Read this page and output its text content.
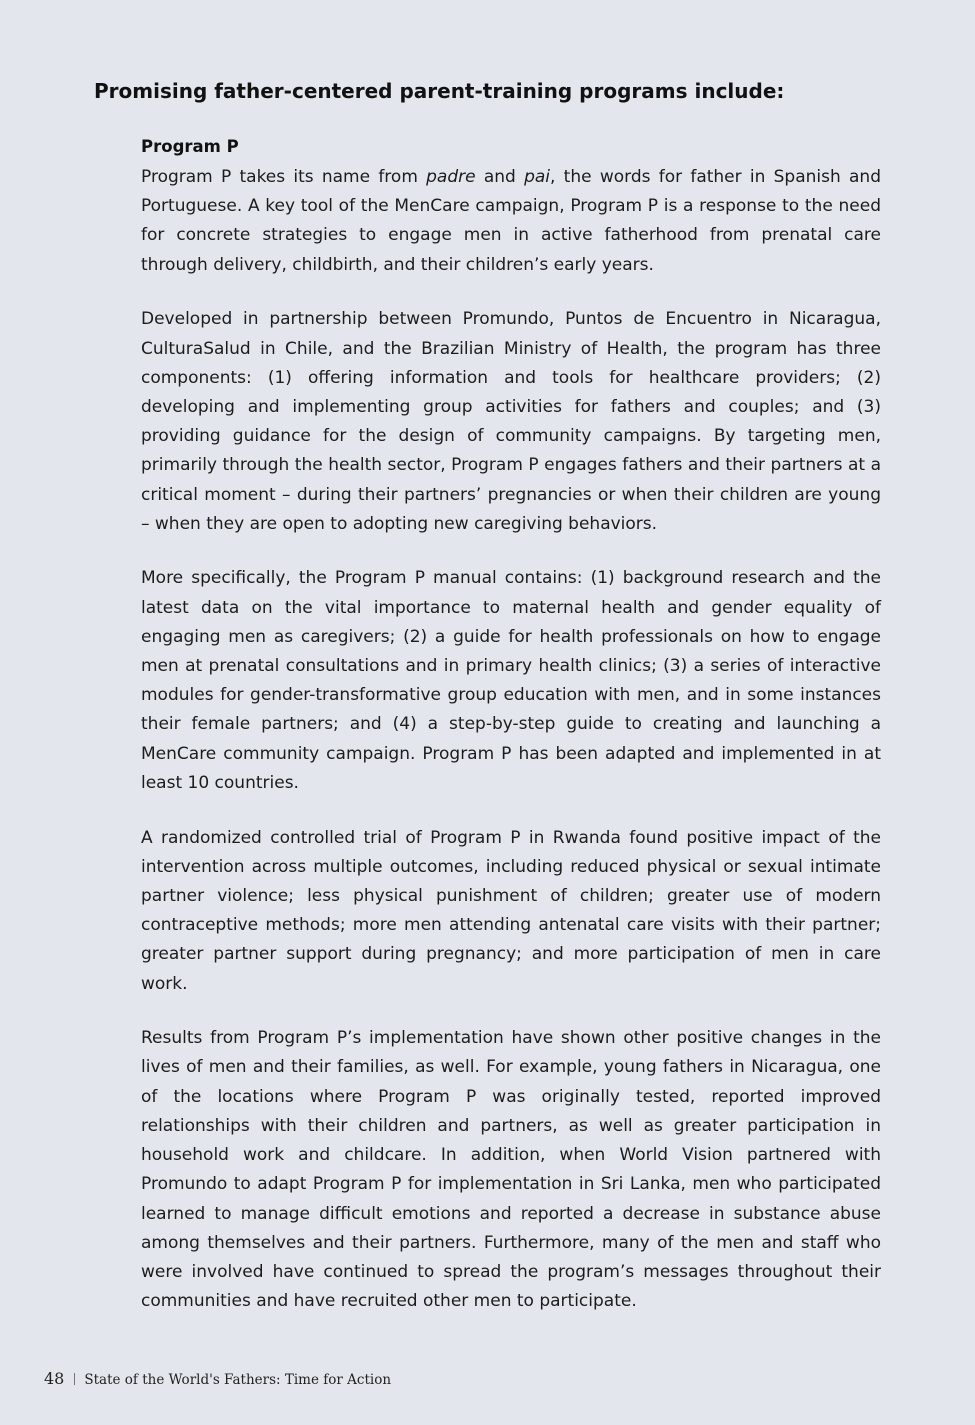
Promising father-centered parent-training programs include:
Program P

Program P takes its name from padre and pai, the words for father in Spanish and Portuguese. A key tool of the MenCare campaign, Program P is a response to the need for concrete strategies to engage men in active fatherhood from prenatal care through delivery, childbirth, and their children’s early years.

Developed in partnership between Promundo, Puntos de Encuentro in Nicaragua, CulturaSalud in Chile, and the Brazilian Ministry of Health, the program has three components: (1) offering information and tools for healthcare providers; (2) developing and implementing group activities for fathers and couples; and (3) providing guidance for the design of community campaigns. By targeting men, primarily through the health sector, Program P engages fathers and their partners at a critical moment – during their partners’ pregnancies or when their children are young – when they are open to adopting new caregiving behaviors.

More specifically, the Program P manual contains: (1) background research and the latest data on the vital importance to maternal health and gender equality of engaging men as caregivers; (2) a guide for health professionals on how to engage men at prenatal consultations and in primary health clinics; (3) a series of interactive modules for gender-transformative group education with men, and in some instances their female partners; and (4) a step-by-step guide to creating and launching a MenCare community campaign. Program P has been adapted and implemented in at least 10 countries.

A randomized controlled trial of Program P in Rwanda found positive impact of the intervention across multiple outcomes, including reduced physical or sexual intimate partner violence; less physical punishment of children; greater use of modern contraceptive methods; more men attending antenatal care visits with their partner; greater partner support during pregnancy; and more participation of men in care work.

Results from Program P’s implementation have shown other positive changes in the lives of men and their families, as well. For example, young fathers in Nicaragua, one of the locations where Program P was originally tested, reported improved relationships with their children and partners, as well as greater participation in household work and childcare. In addition, when World Vision partnered with Promundo to adapt Program P for implementation in Sri Lanka, men who participated learned to manage difficult emotions and reported a decrease in substance abuse among themselves and their partners. Furthermore, many of the men and staff who were involved have continued to spread the program’s messages throughout their communities and have recruited other men to participate.

48 State of the World's Fathers: Time for Action
